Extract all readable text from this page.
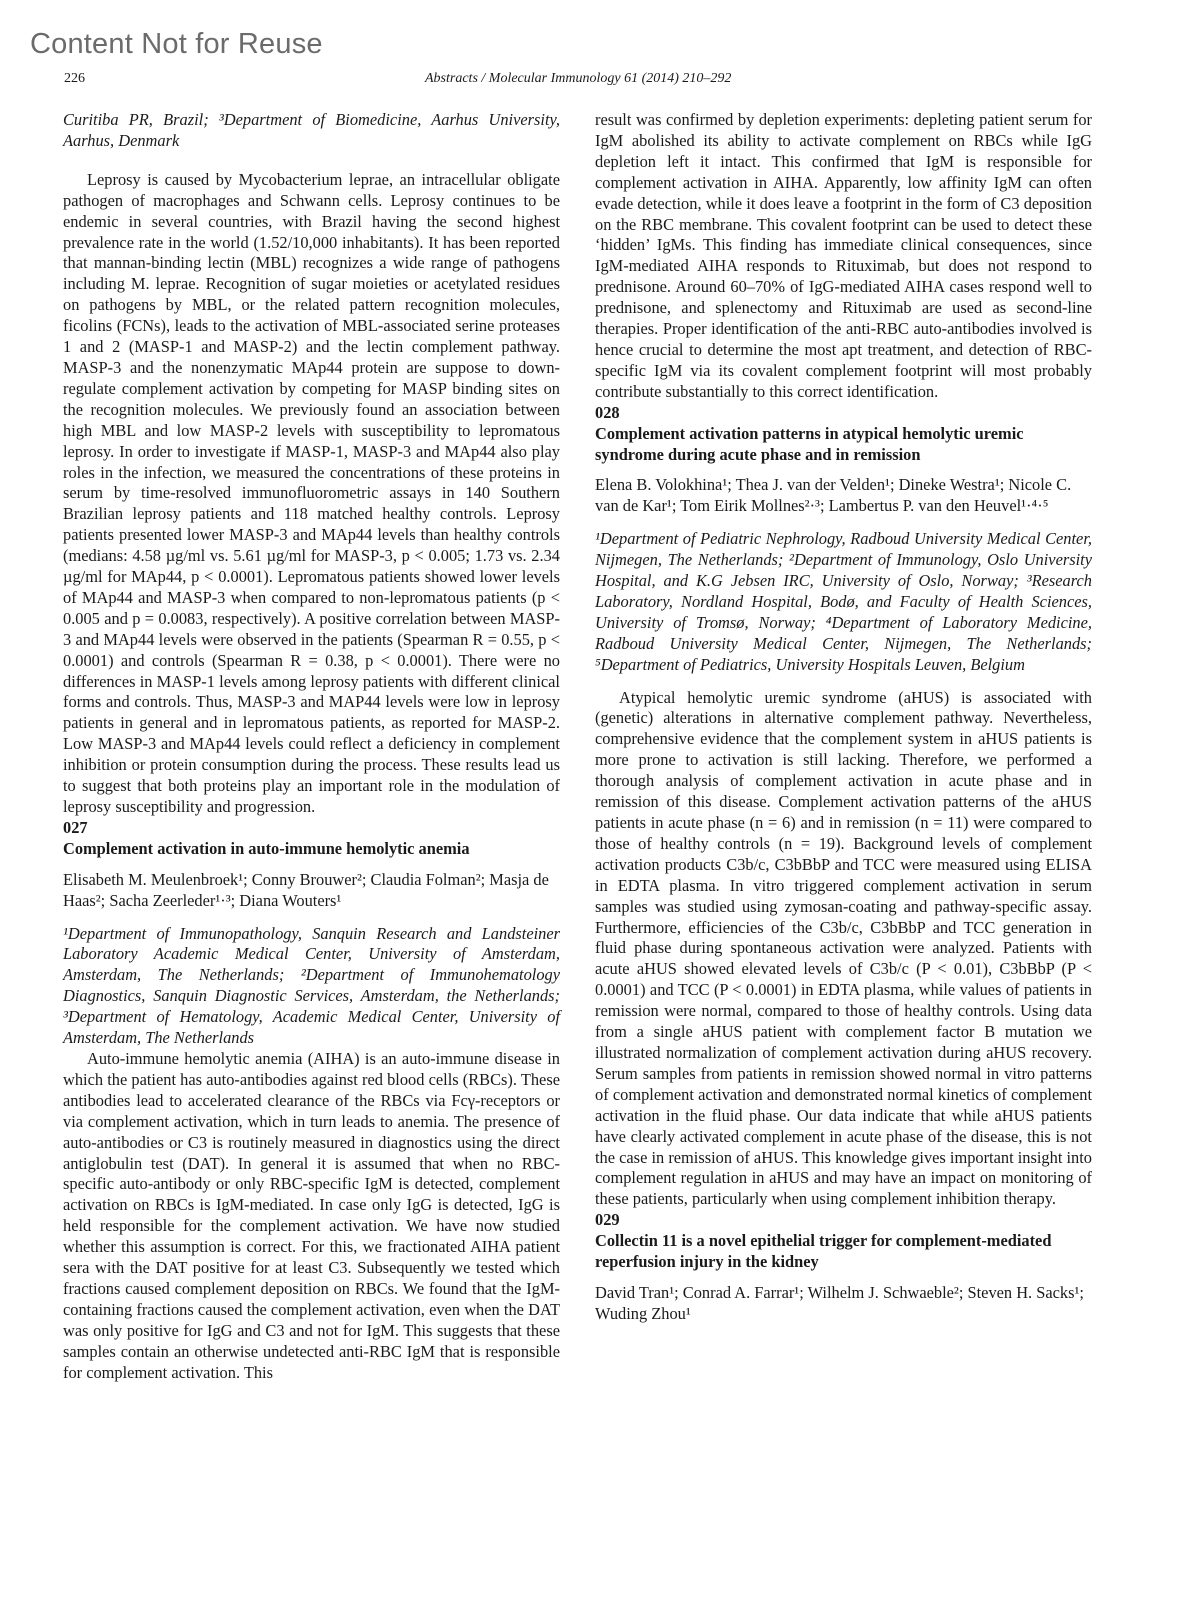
Content Not for Reuse
226	Abstracts / Molecular Immunology 61 (2014) 210–292

Curitiba PR, Brazil; ³Department of Biomedicine, Aarhus University, Aarhus, Denmark

Leprosy is caused by Mycobacterium leprae, an intracellular obligate pathogen of macrophages and Schwann cells. Leprosy continues to be endemic in several countries, with Brazil having the second highest prevalence rate in the world (1.52/10,000 inhabitants). It has been reported that mannan-binding lectin (MBL) recognizes a wide range of pathogens including M. leprae. Recognition of sugar moieties or acetylated residues on pathogens by MBL, or the related pattern recognition molecules, ficolins (FCNs), leads to the activation of MBL-associated serine proteases 1 and 2 (MASP-1 and MASP-2) and the lectin complement pathway. MASP-3 and the nonenzymatic MAp44 protein are suppose to down-regulate complement activation by competing for MASP binding sites on the recognition molecules. We previously found an association between high MBL and low MASP-2 levels with susceptibility to lepromatous leprosy. In order to investigate if MASP-1, MASP-3 and MAp44 also play roles in the infection, we measured the concentrations of these proteins in serum by time-resolved immunofluorometric assays in 140 Southern Brazilian leprosy patients and 118 matched healthy controls. Leprosy patients presented lower MASP-3 and MAp44 levels than healthy controls (medians: 4.58 µg/ml vs. 5.61 µg/ml for MASP-3, p < 0.005; 1.73 vs. 2.34 µg/ml for MAp44, p < 0.0001). Lepromatous patients showed lower levels of MAp44 and MASP-3 when compared to non-lepromatous patients (p < 0.005 and p = 0.0083, respectively). A positive correlation between MASP-3 and MAp44 levels were observed in the patients (Spearman R = 0.55, p < 0.0001) and controls (Spearman R = 0.38, p < 0.0001). There were no differences in MASP-1 levels among leprosy patients with different clinical forms and controls. Thus, MASP-3 and MAP44 levels were low in leprosy patients in general and in lepromatous patients, as reported for MASP-2. Low MASP-3 and MAp44 levels could reflect a deficiency in complement inhibition or protein consumption during the process. These results lead us to suggest that both proteins play an important role in the modulation of leprosy susceptibility and progression.

027

Complement activation in auto-immune hemolytic anemia

Elisabeth M. Meulenbroek¹; Conny Brouwer²; Claudia Folman²; Masja de Haas²; Sacha Zeerleder¹·³; Diana Wouters¹

¹Department of Immunopathology, Sanquin Research and Landsteiner Laboratory Academic Medical Center, University of Amsterdam, Amsterdam, The Netherlands; ²Department of Immunohematology Diagnostics, Sanquin Diagnostic Services, Amsterdam, the Netherlands; ³Department of Hematology, Academic Medical Center, University of Amsterdam, The Netherlands

Auto-immune hemolytic anemia (AIHA) is an auto-immune disease in which the patient has auto-antibodies against red blood cells (RBCs). These antibodies lead to accelerated clearance of the RBCs via Fcγ-receptors or via complement activation, which in turn leads to anemia. The presence of auto-antibodies or C3 is routinely measured in diagnostics using the direct antiglobulin test (DAT). In general it is assumed that when no RBC-specific auto-antibody or only RBC-specific IgM is detected, complement activation on RBCs is IgM-mediated. In case only IgG is detected, IgG is held responsible for the complement activation. We have now studied whether this assumption is correct. For this, we fractionated AIHA patient sera with the DAT positive for at least C3. Subsequently we tested which fractions caused complement deposition on RBCs. We found that the IgM-containing fractions caused the complement activation, even when the DAT was only positive for IgG and C3 and not for IgM. This suggests that these samples contain an otherwise undetected anti-RBC IgM that is responsible for complement activation. This

result was confirmed by depletion experiments: depleting patient serum for IgM abolished its ability to activate complement on RBCs while IgG depletion left it intact. This confirmed that IgM is responsible for complement activation in AIHA. Apparently, low affinity IgM can often evade detection, while it does leave a footprint in the form of C3 deposition on the RBC membrane. This covalent footprint can be used to detect these ‘hidden’ IgMs. This finding has immediate clinical consequences, since IgM-mediated AIHA responds to Rituximab, but does not respond to prednisone. Around 60–70% of IgG-mediated AIHA cases respond well to prednisone, and splenectomy and Rituximab are used as second-line therapies. Proper identification of the anti-RBC auto-antibodies involved is hence crucial to determine the most apt treatment, and detection of RBC-specific IgM via its covalent complement footprint will most probably contribute substantially to this correct identification.

028

Complement activation patterns in atypical hemolytic uremic syndrome during acute phase and in remission

Elena B. Volokhina¹; Thea J. van der Velden¹; Dineke Westra¹; Nicole C. van de Kar¹; Tom Eirik Mollnes²·³; Lambertus P. van den Heuvel¹·⁴·⁵

¹Department of Pediatric Nephrology, Radboud University Medical Center, Nijmegen, The Netherlands; ²Department of Immunology, Oslo University Hospital, and K.G Jebsen IRC, University of Oslo, Norway; ³Research Laboratory, Nordland Hospital, Bodø, and Faculty of Health Sciences, University of Tromsø, Norway; ⁴Department of Laboratory Medicine, Radboud University Medical Center, Nijmegen, The Netherlands; ⁵Department of Pediatrics, University Hospitals Leuven, Belgium

Atypical hemolytic uremic syndrome (aHUS) is associated with (genetic) alterations in alternative complement pathway. Nevertheless, comprehensive evidence that the complement system in aHUS patients is more prone to activation is still lacking. Therefore, we performed a thorough analysis of complement activation in acute phase and in remission of this disease. Complement activation patterns of the aHUS patients in acute phase (n = 6) and in remission (n = 11) were compared to those of healthy controls (n = 19). Background levels of complement activation products C3b/c, C3bBbP and TCC were measured using ELISA in EDTA plasma. In vitro triggered complement activation in serum samples was studied using zymosan-coating and pathway-specific assay. Furthermore, efficiencies of the C3b/c, C3bBbP and TCC generation in fluid phase during spontaneous activation were analyzed. Patients with acute aHUS showed elevated levels of C3b/c (P < 0.01), C3bBbP (P < 0.0001) and TCC (P < 0.0001) in EDTA plasma, while values of patients in remission were normal, compared to those of healthy controls. Using data from a single aHUS patient with complement factor B mutation we illustrated normalization of complement activation during aHUS recovery. Serum samples from patients in remission showed normal in vitro patterns of complement activation and demonstrated normal kinetics of complement activation in the fluid phase. Our data indicate that while aHUS patients have clearly activated complement in acute phase of the disease, this is not the case in remission of aHUS. This knowledge gives important insight into complement regulation in aHUS and may have an impact on monitoring of these patients, particularly when using complement inhibition therapy.

029

Collectin 11 is a novel epithelial trigger for complement-mediated reperfusion injury in the kidney

David Tran¹; Conrad A. Farrar¹; Wilhelm J. Schwaeble²; Steven H. Sacks¹; Wuding Zhou¹
